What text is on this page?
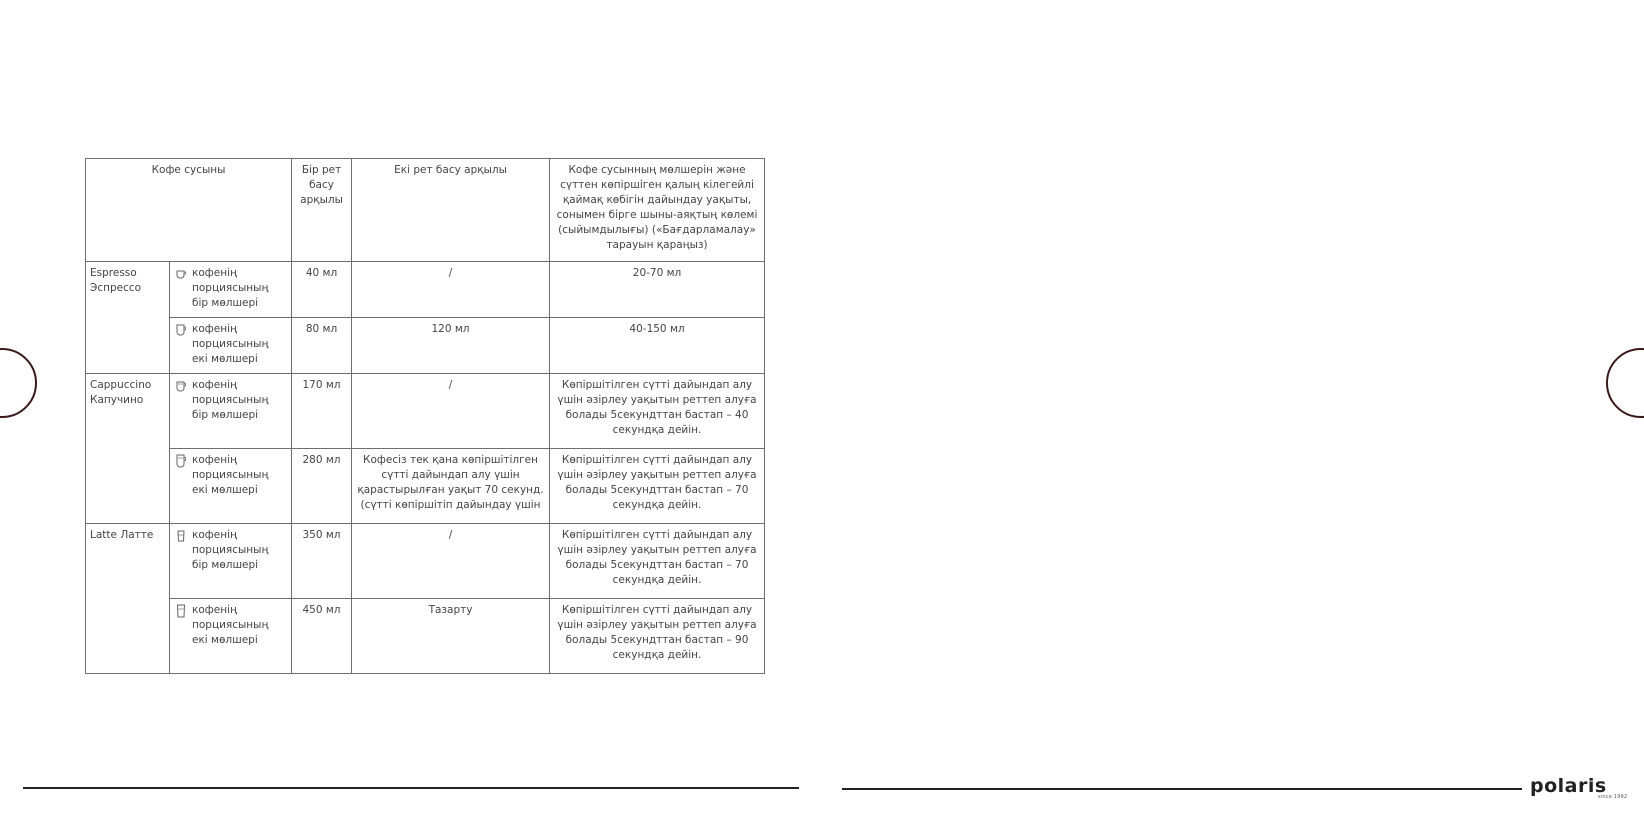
Кофе сусыны		Бір рет басу арқылы	Екі рет басу арқылы	Кофе сусынның мөлшерін және сүттен көпіршіген қалың кілегейлі қаймақ көбігін дайындау уақыты, сонымен бірге шыны-аяқтың көлемі (сыйымдылығы) («Бағдарламалау» тарауын қараңыз)
Espresso Эспрессо	кофенің порциясының бір мөлшері	40 мл	/	20-70 мл

	кофенің порциясының екі мөлшері	80 мл	120 мл	40-150 мл
Cappuccino Капучино	кофенің порциясының бір мөлшері	170 мл	/	Көпіршітілген сүтті дайындап алу үшін әзірлеу уақытын реттеп алуға болады 5секундттан бастап – 40 секундқа дейін.

	кофенің порциясының екі мөлшері	280 мл	Кофесіз тек қана көпіршітілген сүтті дайындап алу үшін қарастырылған уақыт 70 секунд. (сүтті көпіршітіп дайындау үшін	Көпіршітілген сүтті дайындап алу үшін әзірлеу уақытын реттеп алуға болады 5секундттан бастап – 70 секундқа дейін.
Latte Латте	кофенің порциясының бір мөлшері	350 мл	/	Көпіршітілген сүтті дайындап алу үшін әзірлеу уақытын реттеп алуға болады 5секундттан бастап – 70 секундқа дейін.

	кофенің порциясының екі мөлшері	450 мл	Тазарту	Көпіршітілген сүтті дайындап алу үшін әзірлеу уақытын реттеп алуға болады 5секундттан бастап – 90 секундқа дейін.
polaris
since 1992
